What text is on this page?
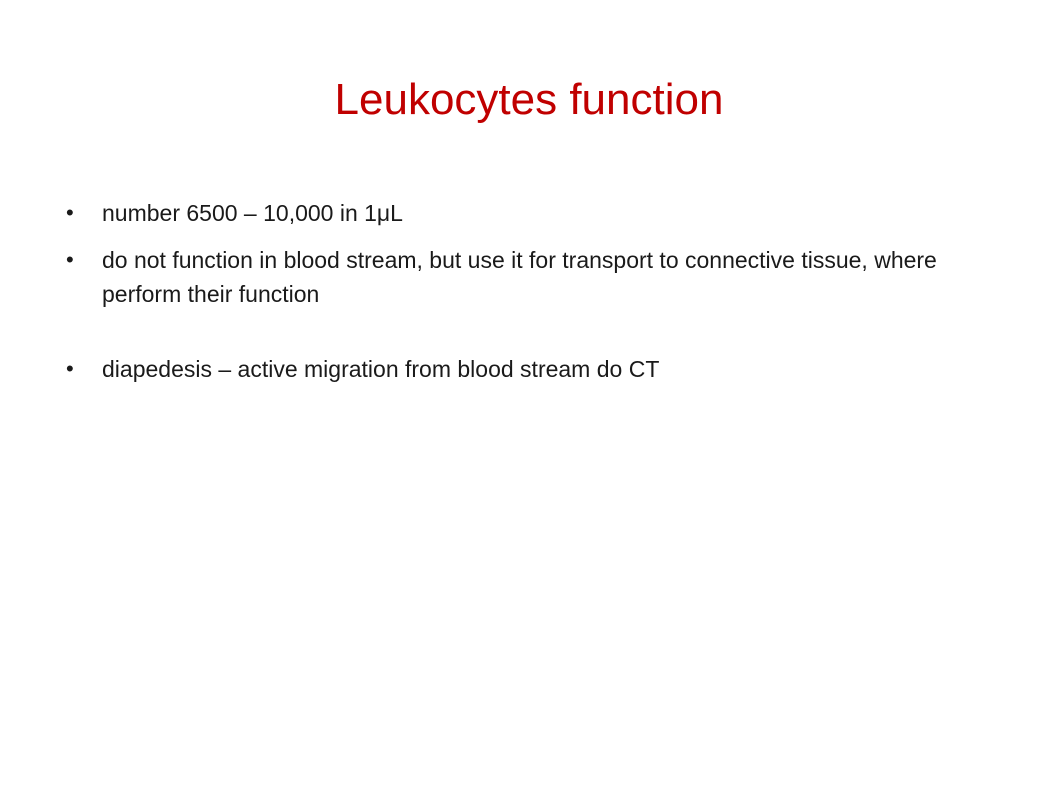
Leukocytes function
•	number 6500 – 10,000 in 1μL
•	do not function in blood stream, but use it for transport to connective tissue, where perform their function
•	diapedesis – active migration from blood stream do CT
